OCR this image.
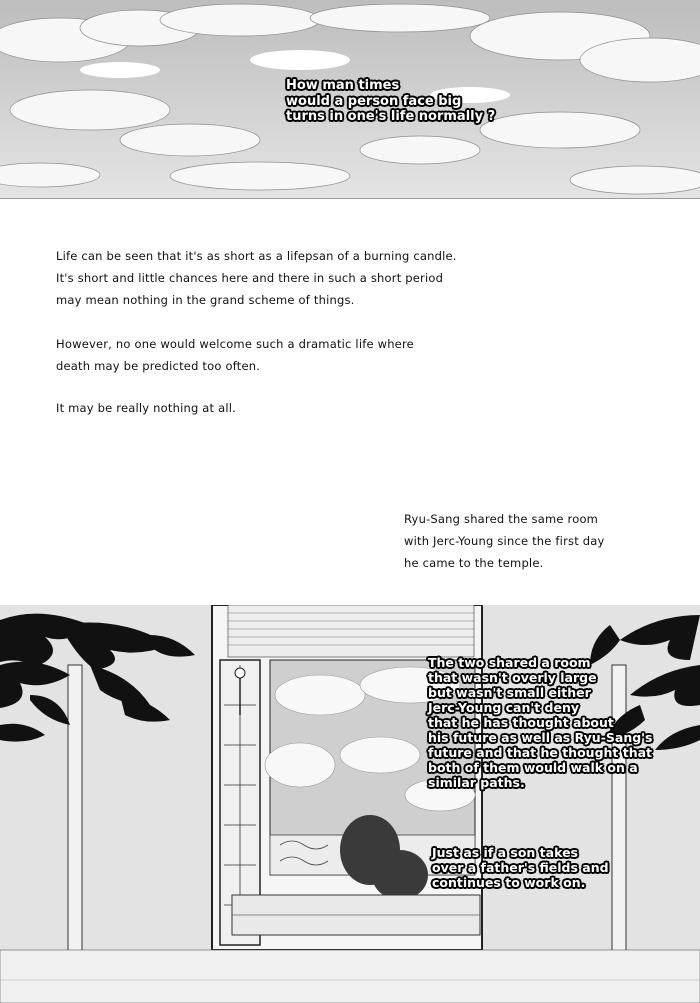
How man times
would a person face big
turns in one's life normally ?
Life can be seen that it's as short as a lifepsan of a burning candle.
It's short and little chances here and there in such a short period
may mean nothing in the grand scheme of things.
However, no one would welcome such a dramatic life where
death may be predicted too often.
It may be really nothing at all.
Ryu-Sang shared the same room
with Jerc-Young since the first day
he came to the temple.
The two shared a room
that wasn't overly large
but wasn't small either
Jerc-Young can't deny
that he has thought about
his future as well as Ryu-Sang's
future and that he thought that
both of them would walk on a
similar paths.
Just as if a son takes
over a father's fields and
continues to work on.
